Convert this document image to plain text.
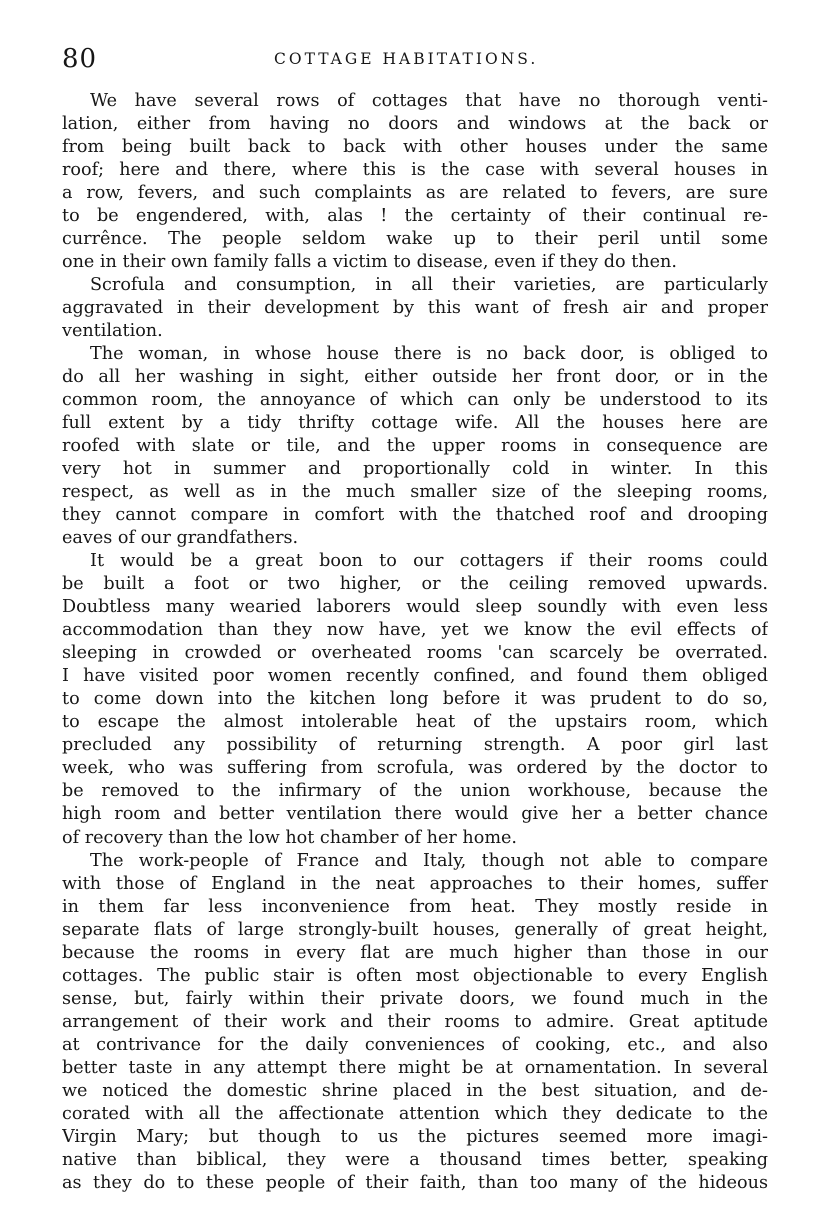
80	COTTAGE HABITATIONS.
We have several rows of cottages that have no thorough venti-
lation, either from having no doors and windows at the back or
from being built back to back with other houses under the same
roof; here and there, where this is the case with several houses in
a row, fevers, and such complaints as are related to fevers, are sure
to be engendered, with, alas ! the certainty of their continual re-
currênce. The people seldom wake up to their peril until some
one in their own family falls a victim to disease, even if they do then.
Scrofula and consumption, in all their varieties, are particularly
aggravated in their development by this want of fresh air and proper
ventilation.
The woman, in whose house there is no back door, is obliged to
do all her washing in sight, either outside her front door, or in the
common room, the annoyance of which can only be understood to its
full extent by a tidy thrifty cottage wife. All the houses here are
roofed with slate or tile, and the upper rooms in consequence are
very hot in summer and proportionally cold in winter. In this
respect, as well as in the much smaller size of the sleeping rooms,
they cannot compare in comfort with the thatched roof and drooping
eaves of our grandfathers.
It would be a great boon to our cottagers if their rooms could
be built a foot or two higher, or the ceiling removed upwards.
Doubtless many wearied laborers would sleep soundly with even less
accommodation than they now have, yet we know the evil effects of
sleeping in crowded or overheated rooms 'can scarcely be overrated.
I have visited poor women recently confined, and found them obliged
to come down into the kitchen long before it was prudent to do so,
to escape the almost intolerable heat of the upstairs room, which
precluded any possibility of returning strength. A poor girl last
week, who was suffering from scrofula, was ordered by the doctor to
be removed to the infirmary of the union workhouse, because the
high room and better ventilation there would give her a better chance
of recovery than the low hot chamber of her home.
The work-people of France and Italy, though not able to compare
with those of England in the neat approaches to their homes, suffer
in them far less inconvenience from heat. They mostly reside in
separate flats of large strongly-built houses, generally of great height,
because the rooms in every flat are much higher than those in our
cottages. The public stair is often most objectionable to every English
sense, but, fairly within their private doors, we found much in the
arrangement of their work and their rooms to admire. Great aptitude
at contrivance for the daily conveniences of cooking, etc., and also
better taste in any attempt there might be at ornamentation. In several
we noticed the domestic shrine placed in the best situation, and de-
corated with all the affectionate attention which they dedicate to the
Virgin Mary; but though to us the pictures seemed more imagi-
native than biblical, they were a thousand times better, speaking
as they do to these people of their faith, than too many of the hideous
